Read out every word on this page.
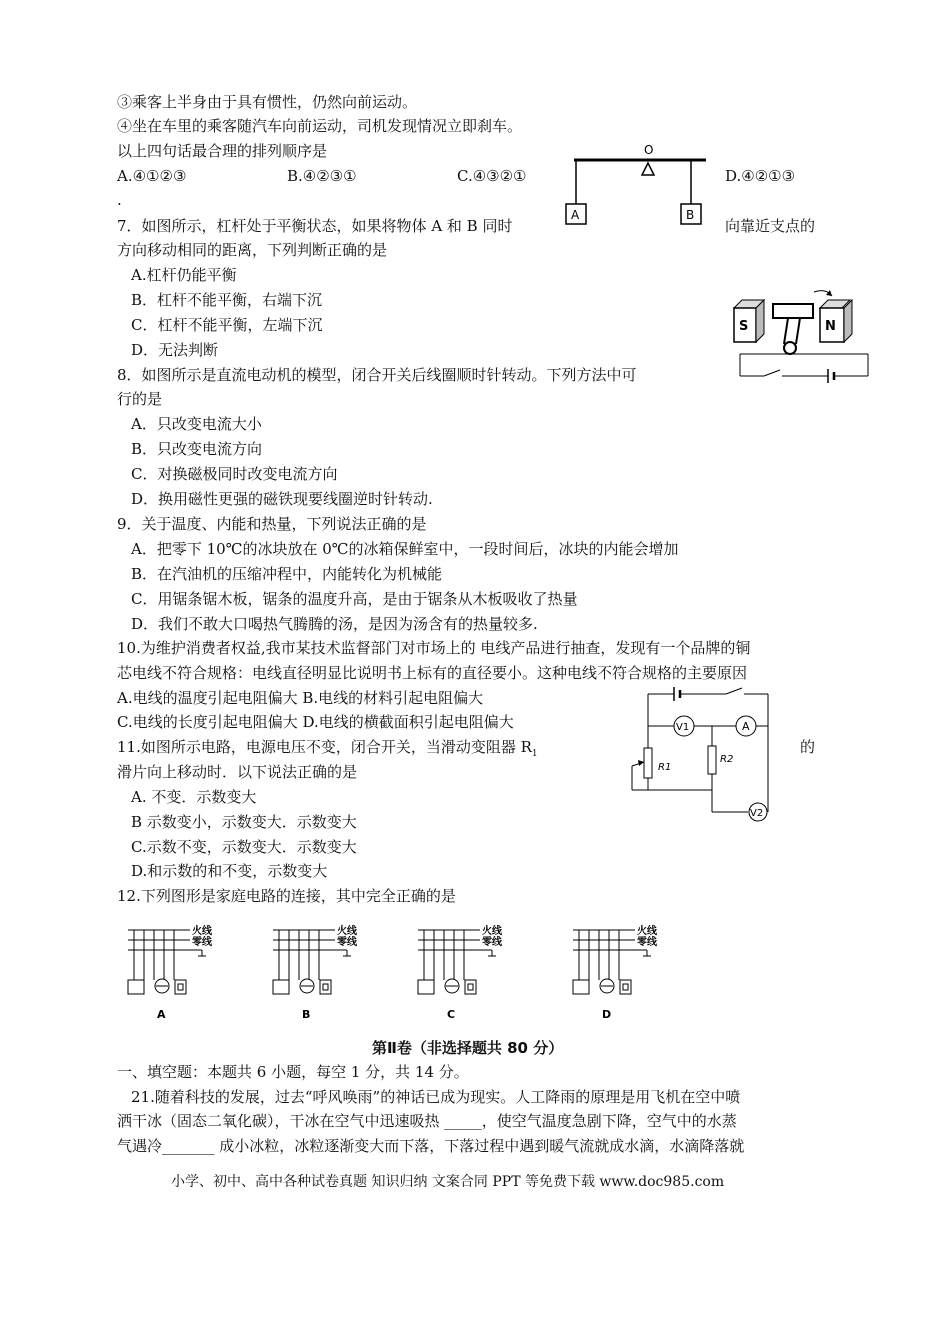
③乘客上半身由于具有惯性，仍然向前运动。
④坐在车里的乘客随汽车向前运动，司机发现情况立即刹车。
以上四句话最合理的排列顺序是
A.④①②③	B.④②③①	C.④③②①	D.④②①③
.
O
A	B
7．如图所示，杠杆处于平衡状态，如果将物体 A 和 B 同时	向靠近支点的
方向移动相同的距离，下列判断正确的是
A.杠杆仍能平衡
B．杠杆不能平衡，右端下沉
C．杠杆不能平衡，左端下沉
D．无法判断
S	N
8．如图所示是直流电动机的模型，闭合开关后线圈顺时针转动。下列方法中可
行的是
A．只改变电流大小
B．只改变电流方向
C．对换磁极同时改变电流方向
D．换用磁性更强的磁铁现要线圈逆时针转动.
9．关于温度、内能和热量，下列说法正确的是
A．把零下 10℃的冰块放在 0℃的冰箱保鲜室中，一段时间后，冰块的内能会增加
B．在汽油机的压缩冲程中，内能转化为机械能
C．用锯条锯木板，锯条的温度升高，是由于锯条从木板吸收了热量
D．我们不敢大口喝热气腾腾的汤，是因为汤含有的热量较多.
10.为维护消费者权益,我市某技术监督部门对市场上的 电线产品进行抽查，发现有一个品牌的铜
芯电线不符合规格：电线直径明显比说明书上标有的直径要小。这种电线不符合规格的主要原因
A.电线的温度引起电阻偏大 B.电线的材料引起电阻偏大
C.电线的长度引起电阻偏大 D.电线的横截面积引起电阻偏大	V1	A
R1
R2
V2
11.如图所示电路，电源电压不变，闭合开关，当滑动变阻器 $R_1$	的
滑片向上移动时．以下说法正确的是
A. 不变．示数变大
B 示数变小，示数变大．示数变大
C.示数不变，示数变大．示数变大
D.和示数的和不变，示数变大
12.下列图形是家庭电路的连接，其中完全正确的是
火线
零线
A
火线
零线
B
火线
零线
C
火线
零线
D
第Ⅱ卷（非选择题共 80 分）
一、填空题：本题共 6 小题，每空 1 分，共 14 分。
21.随着科技的发展，过去“呼风唤雨”的神话已成为现实。人工降雨的原理是用飞机在空中喷
洒干冰（固态二氧化碳），干冰在空气中迅速吸热 _____，使空气温度急剧下降，空气中的水蒸
气遇冷_______ 成小冰粒，冰粒逐渐变大而下落，下落过程中遇到暖气流就成水滴，水滴降落就
小学、初中、高中各种试卷真题 知识归纳 文案合同 PPT 等免费下载 www.doc985.com
